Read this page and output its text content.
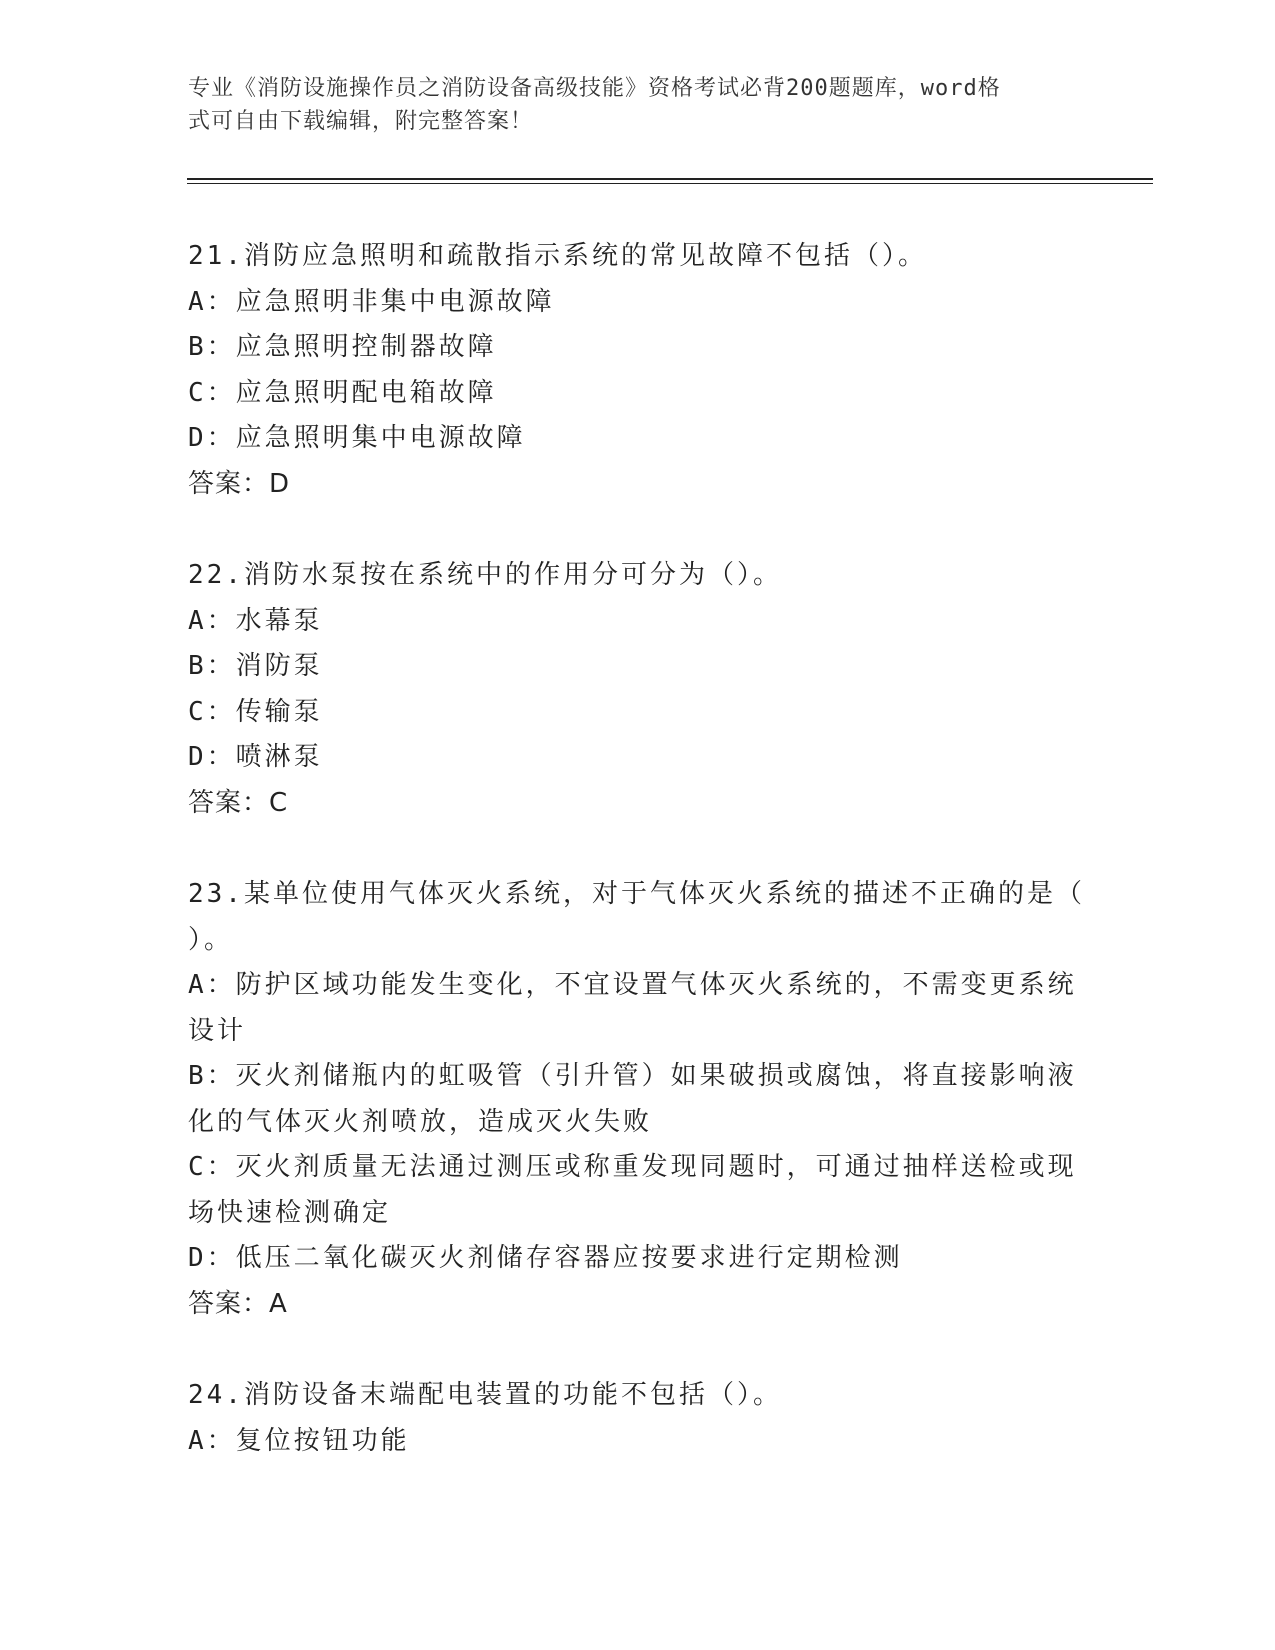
专业《消防设施操作员之消防设备高级技能》资格考试必背200题题库，word格
式可自由下载编辑，附完整答案！
21.消防应急照明和疏散指示系统的常见故障不包括（）。
A：应急照明非集中电源故障
B：应急照明控制器故障
C：应急照明配电箱故障
D：应急照明集中电源故障
答案：D
22.消防水泵按在系统中的作用分可分为（）。
A：水幕泵
B：消防泵
C：传输泵
D：喷淋泵
答案：C
23.某单位使用气体灭火系统，对于气体灭火系统的描述不正确的是（
）。
A：防护区域功能发生变化，不宜设置气体灭火系统的，不需变更系统
设计
B：灭火剂储瓶内的虹吸管（引升管）如果破损或腐蚀，将直接影响液
化的气体灭火剂喷放，造成灭火失败
C：灭火剂质量无法通过测压或称重发现同题时，可通过抽样送检或现
场快速检测确定
D：低压二氧化碳灭火剂储存容器应按要求进行定期检测
答案：A
24.消防设备末端配电装置的功能不包括（）。
A：复位按钮功能
